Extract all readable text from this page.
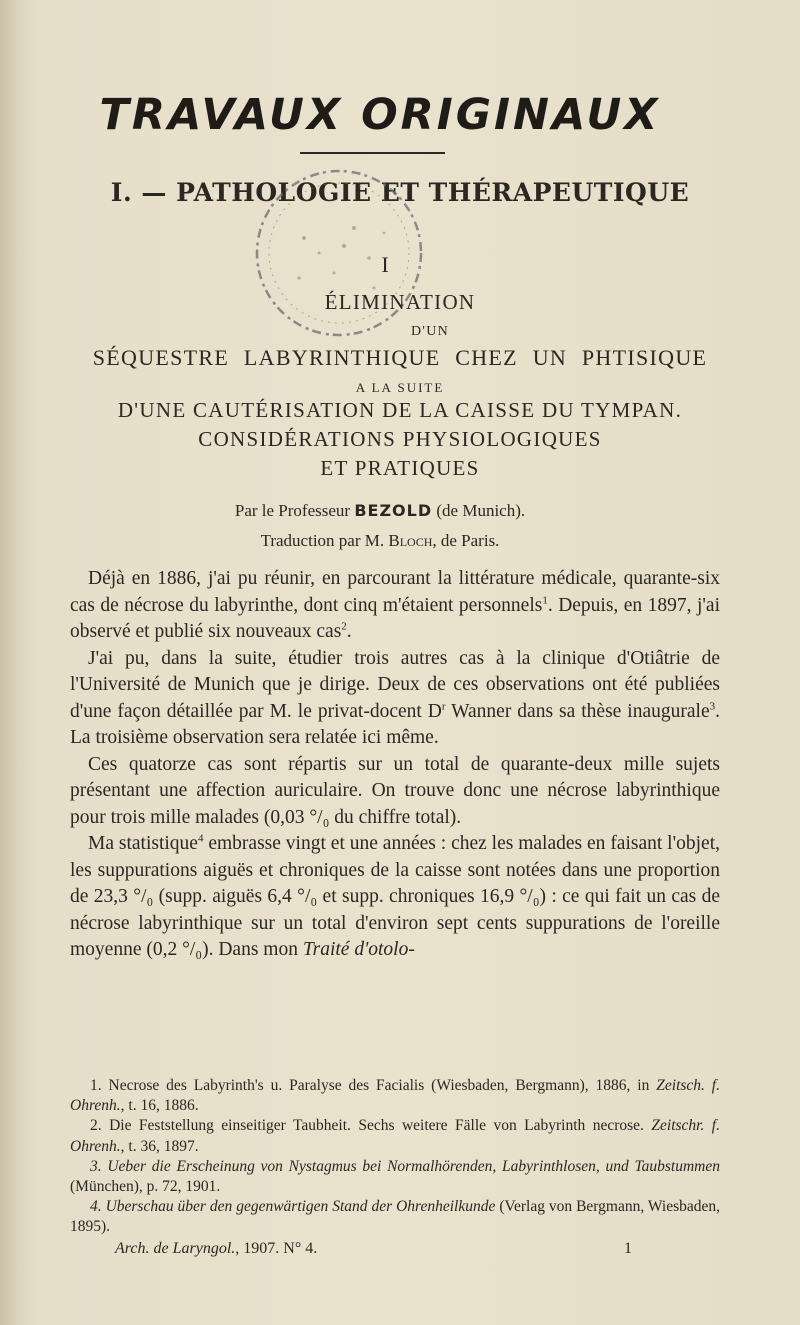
TRAVAUX ORIGINAUX
I. — PATHOLOGIE ET THÉRAPEUTIQUE
I
ÉLIMINATION
D'UN
SÉQUESTRE LABYRINTHIQUE CHEZ UN PHTISIQUE
A LA SUITE
D'UNE CAUTÉRISATION DE LA CAISSE DU TYMPAN.
CONSIDÉRATIONS PHYSIOLOGIQUES
ET PRATIQUES
Par le Professeur BEZOLD (de Munich).
Traduction par M. Bloch, de Paris.

Déjà en 1886, j'ai pu réunir, en parcourant la littérature médicale, quarante-six cas de nécrose du labyrinthe, dont cinq m'étaient personnels$^1$. Depuis, en 1897, j'ai observé et publié six nouveaux cas$^2$.

J'ai pu, dans la suite, étudier trois autres cas à la clinique d'Otiâtrie de l'Université de Munich que je dirige. Deux de ces observations ont été publiées d'une façon détaillée par M. le privat-docent $D^r$ Wanner dans sa thèse inaugurale$^3$. La troisième observation sera relatée ici même.

Ces quatorze cas sont répartis sur un total de quarante-deux mille sujets présentant une affection auriculaire. On trouve donc une nécrose labyrinthique pour trois mille malades (0,03 °/₀ du chiffre total).

Ma statistique$^4$ embrasse vingt et une années : chez les malades en faisant l'objet, les suppurations aiguës et chroniques de la caisse sont notées dans une proportion de 23,3 °/₀ (supp. aiguës 6,4 °/₀ et supp. chroniques 16,9 °/₀) : ce qui fait un cas de nécrose labyrinthique sur un total d'environ sept cents suppurations de l'oreille moyenne (0,2 °/₀). Dans mon Traité d'otolo-

1. Necrose des Labyrinth's u. Paralyse des Facialis (Wiesbaden, Bergmann), 1886, in Zeitsch. f. Ohrenh., t. 16, 1886.

2. Die Feststellung einseitiger Taubheit. Sechs weitere Fälle von Labyrinth necrose. Zeitschr. f. Ohrenh., t. 36, 1897.

3. Ueber die Erscheinung von Nystagmus bei Normalhörenden, Labyrinthlosen, und Taubstummen (München), p. 72, 1901.

4. Uberschau über den gegenwärtigen Stand der Ohrenheilkunde (Verlag von Bergmann, Wiesbaden, 1895).

Arch. de Laryngol., 1907. N° 4.	1
